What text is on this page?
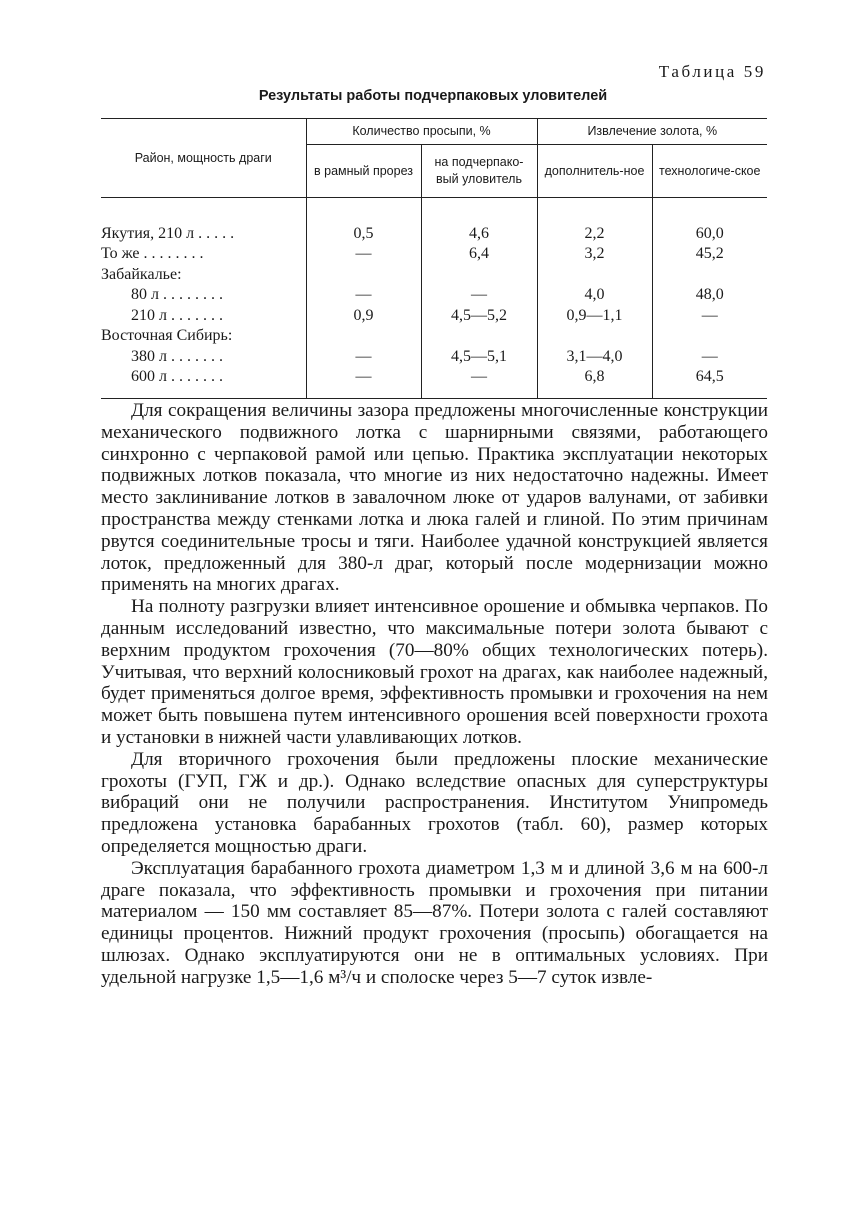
Таблица 59
Результаты работы подчерпаковых уловителей
Район, мощность драги	Количество просыпи, %		Извлечение золота, %	
	в рамный прорез	на подчерпако-вый уловитель	дополнитель-ное	технологиче-ское

Якутия, 210 л . . . . .	0,5	4,6	2,2	60,0
То же . . . . . . . .	—	6,4	3,2	45,2
Забайкалье:				
80 л . . . . . . . .	—	—	4,0	48,0
210 л . . . . . . .	0,9	4,5—5,2	0,9—1,1	—
Восточная Сибирь:				
380 л . . . . . . .	—	4,5—5,1	3,1—4,0	—
600 л . . . . . . .	—	—	6,8	64,5

Для сокращения величины зазора предложены многочисленные конструкции механического подвижного лотка с шарнирными связями, работающего синхронно с черпаковой рамой или цепью. Практика эксплуатации некоторых подвижных лотков показала, что многие из них недостаточно надежны. Имеет место заклинивание лотков в завалочном люке от ударов валунами, от забивки пространства между стенками лотка и люка галей и глиной. По этим причинам рвутся соединительные тросы и тяги. Наиболее удачной конструкцией является лоток, предложенный для 380-л драг, который после модернизации можно применять на многих драгах.

На полноту разгрузки влияет интенсивное орошение и обмывка черпаков. По данным исследований известно, что максимальные потери золота бывают с верхним продуктом грохочения (70—80% общих технологических потерь). Учитывая, что верхний колосниковый грохот на драгах, как наиболее надежный, будет применяться долгое время, эффективность промывки и грохочения на нем может быть повышена путем интенсивного орошения всей поверхности грохота и установки в нижней части улавливающих лотков.

Для вторичного грохочения были предложены плоские механические грохоты (ГУП, ГЖ и др.). Однако вследствие опасных для суперструктуры вибраций они не получили распространения. Институтом Унипромедь предложена установка барабанных грохотов (табл. 60), размер которых определяется мощностью драги.

Эксплуатация барабанного грохота диаметром 1,3 м и длиной 3,6 м на 600-л драге показала, что эффективность промывки и грохочения при питании материалом — 150 мм составляет 85—87%. Потери золота с галей составляют единицы процентов. Нижний продукт грохочения (просыпь) обогащается на шлюзах. Однако эксплуатируются они не в оптимальных условиях. При удельной нагрузке 1,5—1,6 м³/ч и сполоске через 5—7 суток извле-
